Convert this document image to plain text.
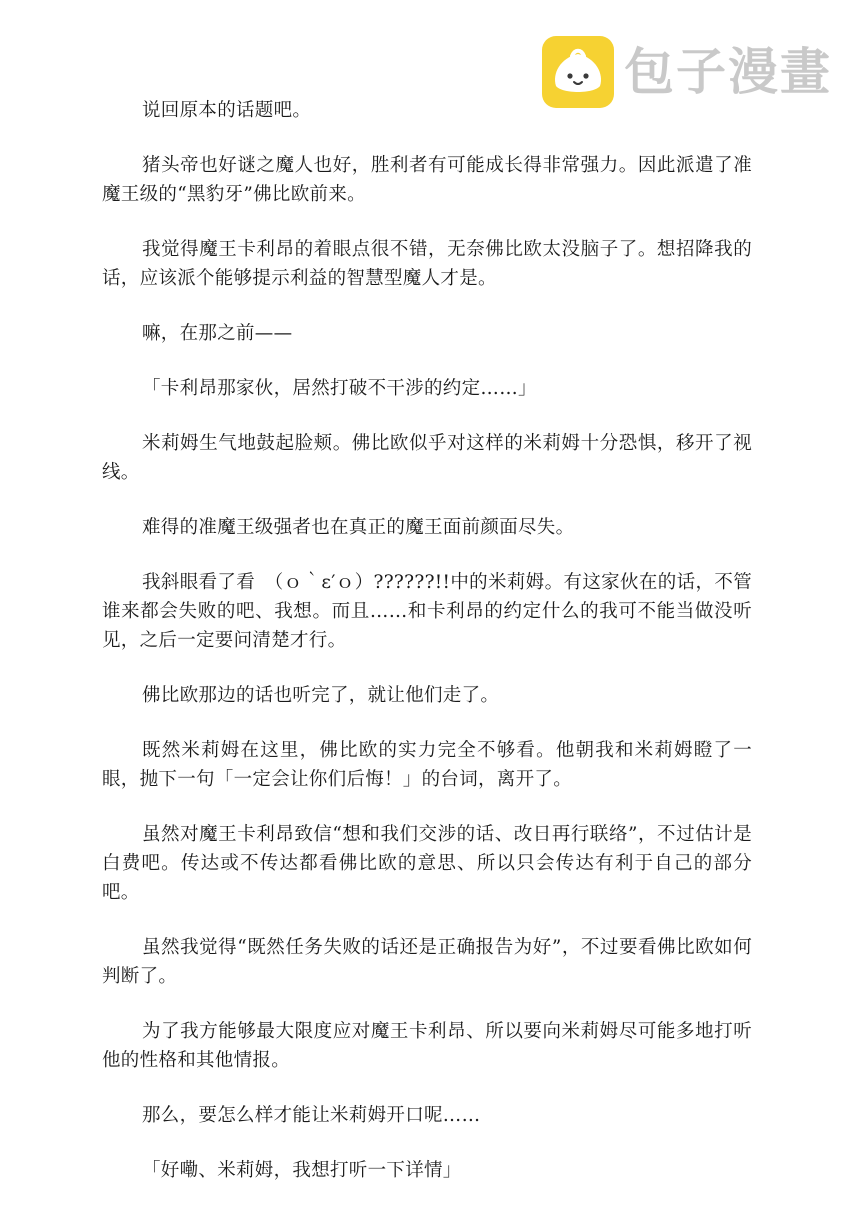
包子漫畫

说回原本的话题吧。

猪头帝也好谜之魔人也好，胜利者有可能成长得非常强力。因此派遣了准魔王级的“黑豹牙”佛比欧前来。

我觉得魔王卡利昂的着眼点很不错，无奈佛比欧太没脑子了。想招降我的话，应该派个能够提示利益的智慧型魔人才是。

嘛，在那之前——

「卡利昂那家伙，居然打破不干涉的约定……」

米莉姆生气地鼓起脸颊。佛比欧似乎对这样的米莉姆十分恐惧，移开了视线。

难得的准魔王级强者也在真正的魔王面前颜面尽失。

我斜眼看了看　（ｏ｀ε′ｏ）??????!!中的米莉姆。有这家伙在的话，不管谁来都会失败的吧、我想。而且……和卡利昂的约定什么的我可不能当做没听见，之后一定要问清楚才行。

佛比欧那边的话也听完了，就让他们走了。

既然米莉姆在这里，佛比欧的实力完全不够看。他朝我和米莉姆瞪了一眼，抛下一句「一定会让你们后悔！」的台词，离开了。

虽然对魔王卡利昂致信“想和我们交涉的话、改日再行联络”，不过估计是白费吧。传达或不传达都看佛比欧的意思、所以只会传达有利于自己的部分吧。

虽然我觉得“既然任务失败的话还是正确报告为好”，不过要看佛比欧如何判断了。

为了我方能够最大限度应对魔王卡利昂、所以要向米莉姆尽可能多地打听他的性格和其他情报。

那么，要怎么样才能让米莉姆开口呢……

「好嘞、米莉姆，我想打听一下详情」
